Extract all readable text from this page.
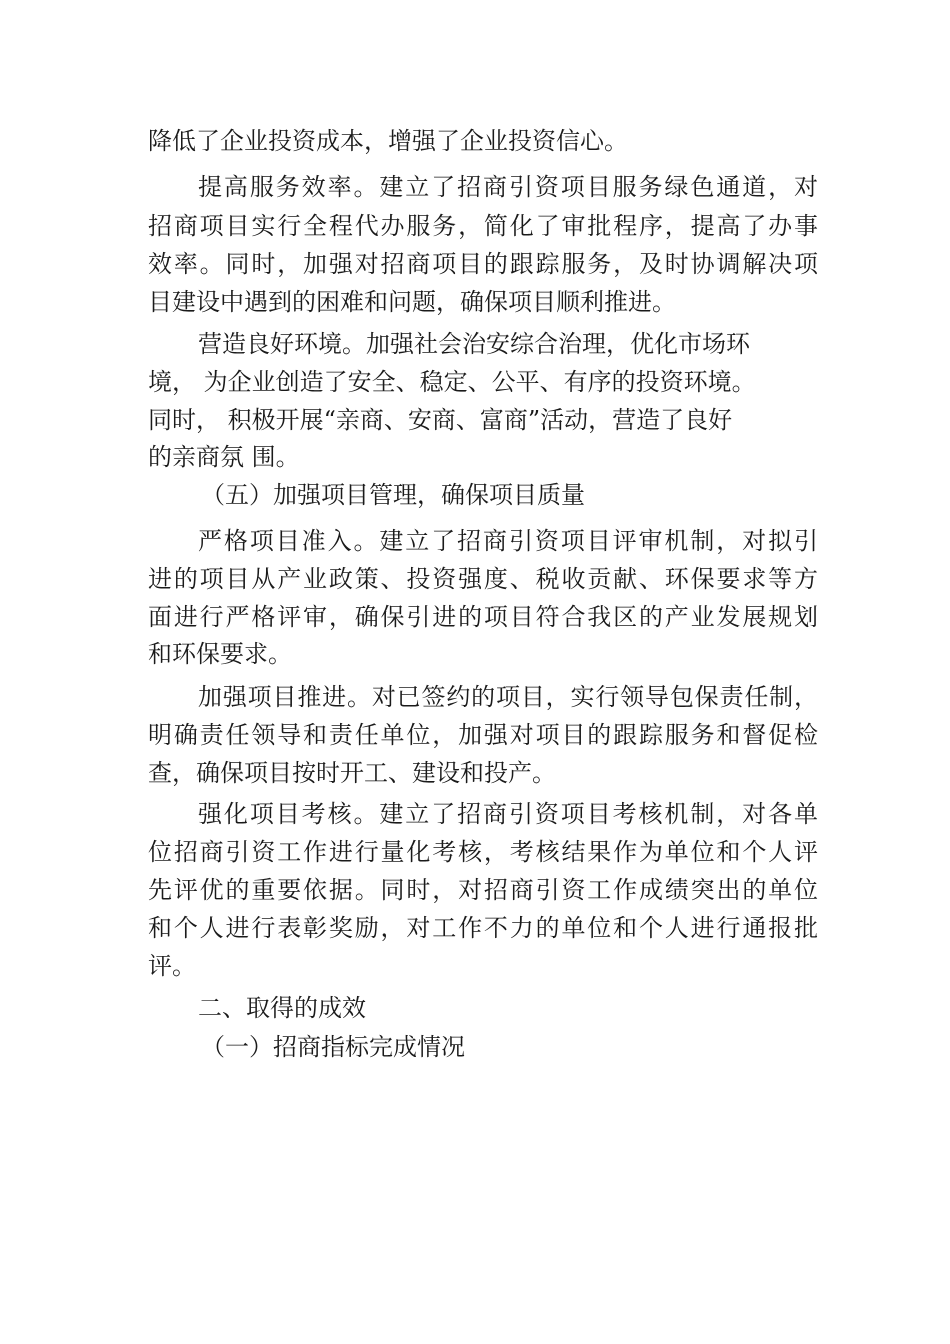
降低了企业投资成本，增强了企业投资信心。
提高服务效率。建立了招商引资项目服务绿色通道，对
招商项目实行全程代办服务，简化了审批程序，提高了办事
效率。同时，加强对招商项目的跟踪服务，及时协调解决项
目建设中遇到的困难和问题，确保项目顺利推进。
营造良好环境。加强社会治安综合治理，优化市场环
境， 为企业创造了安全、稳定、公平、有序的投资环境。
同时， 积极开展“亲商、安商、富商”活动，营造了良好
的亲商氛 围。
（五）加强项目管理，确保项目质量
严格项目准入。建立了招商引资项目评审机制，对拟引
进的项目从产业政策、投资强度、税收贡献、环保要求等方
面进行严格评审，确保引进的项目符合我区的产业发展规划
和环保要求。
加强项目推进。对已签约的项目，实行领导包保责任制，
明确责任领导和责任单位，加强对项目的跟踪服务和督促检
查，确保项目按时开工、建设和投产。
强化项目考核。建立了招商引资项目考核机制，对各单
位招商引资工作进行量化考核，考核结果作为单位和个人评
先评优的重要依据。同时，对招商引资工作成绩突出的单位
和个人进行表彰奖励，对工作不力的单位和个人进行通报批
评。
二、取得的成效
（一）招商指标完成情况
